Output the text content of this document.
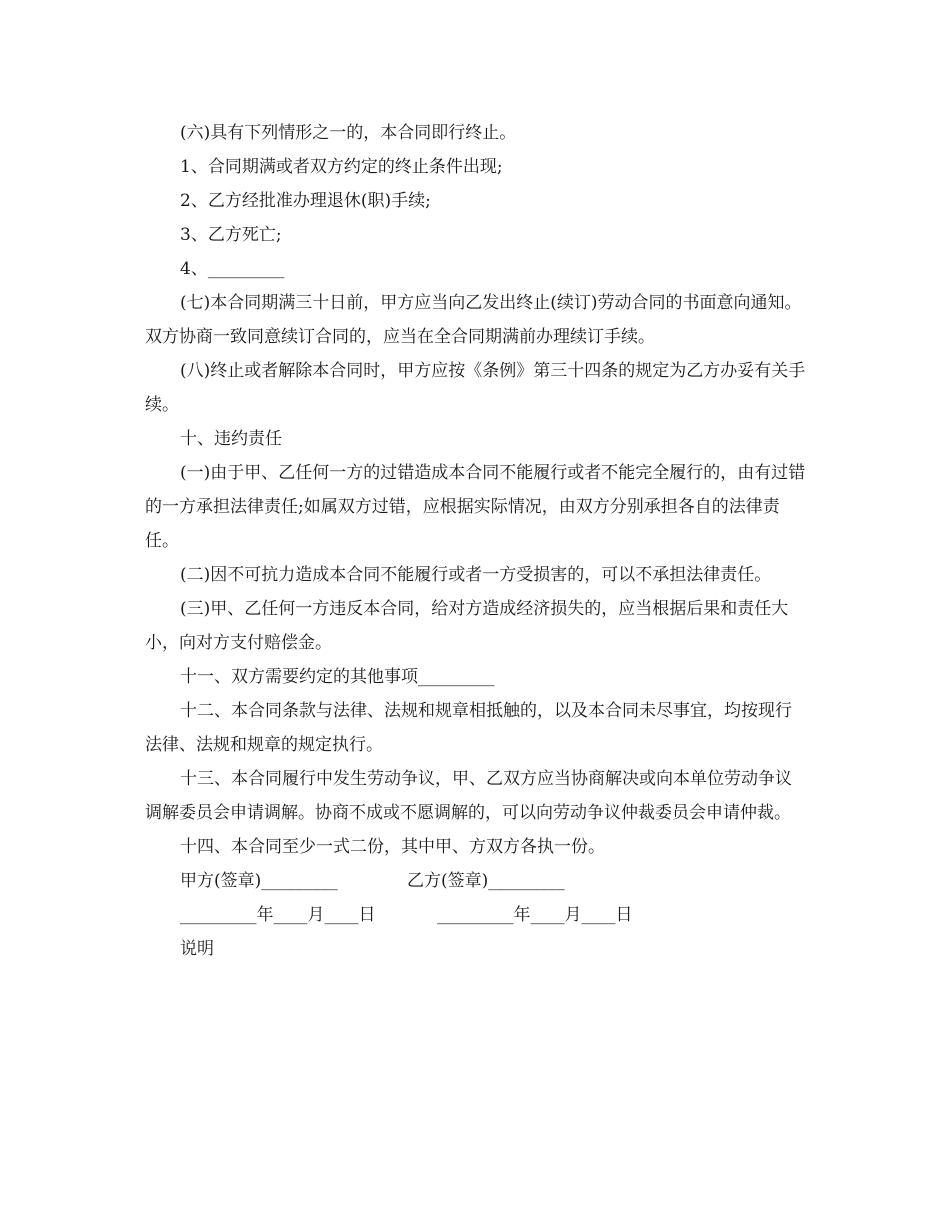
(六)具有下列情形之一的，本合同即行终止。

1、合同期满或者双方约定的终止条件出现;

2、乙方经批准办理退休(职)手续;

3、乙方死亡;

4、_________

(七)本合同期满三十日前，甲方应当向乙发出终止(续订)劳动合同的书面意向通知。双方协商一致同意续订合同的，应当在全合同期满前办理续订手续。

(八)终止或者解除本合同时，甲方应按《条例》第三十四条的规定为乙方办妥有关手续。

十、违约责任

(一)由于甲、乙任何一方的过错造成本合同不能履行或者不能完全履行的，由有过错的一方承担法律责任;如属双方过错，应根据实际情况，由双方分别承担各自的法律责任。

(二)因不可抗力造成本合同不能履行或者一方受损害的，可以不承担法律责任。

(三)甲、乙任何一方违反本合同，给对方造成经济损失的，应当根据后果和责任大小，向对方支付赔偿金。

十一、双方需要约定的其他事项_________

十二、本合同条款与法律、法规和规章相抵触的，以及本合同未尽事宜，均按现行法律、法规和规章的规定执行。

十三、本合同履行中发生劳动争议，甲、乙双方应当协商解决或向本单位劳动争议调解委员会申请调解。协商不成或不愿调解的，可以向劳动争议仲裁委员会申请仲裁。

十四、本合同至少一式二份，其中甲、方双方各执一份。

甲方(签章)_________	乙方(签章)_________
_________年____月____日	_________年____月____日

说明
